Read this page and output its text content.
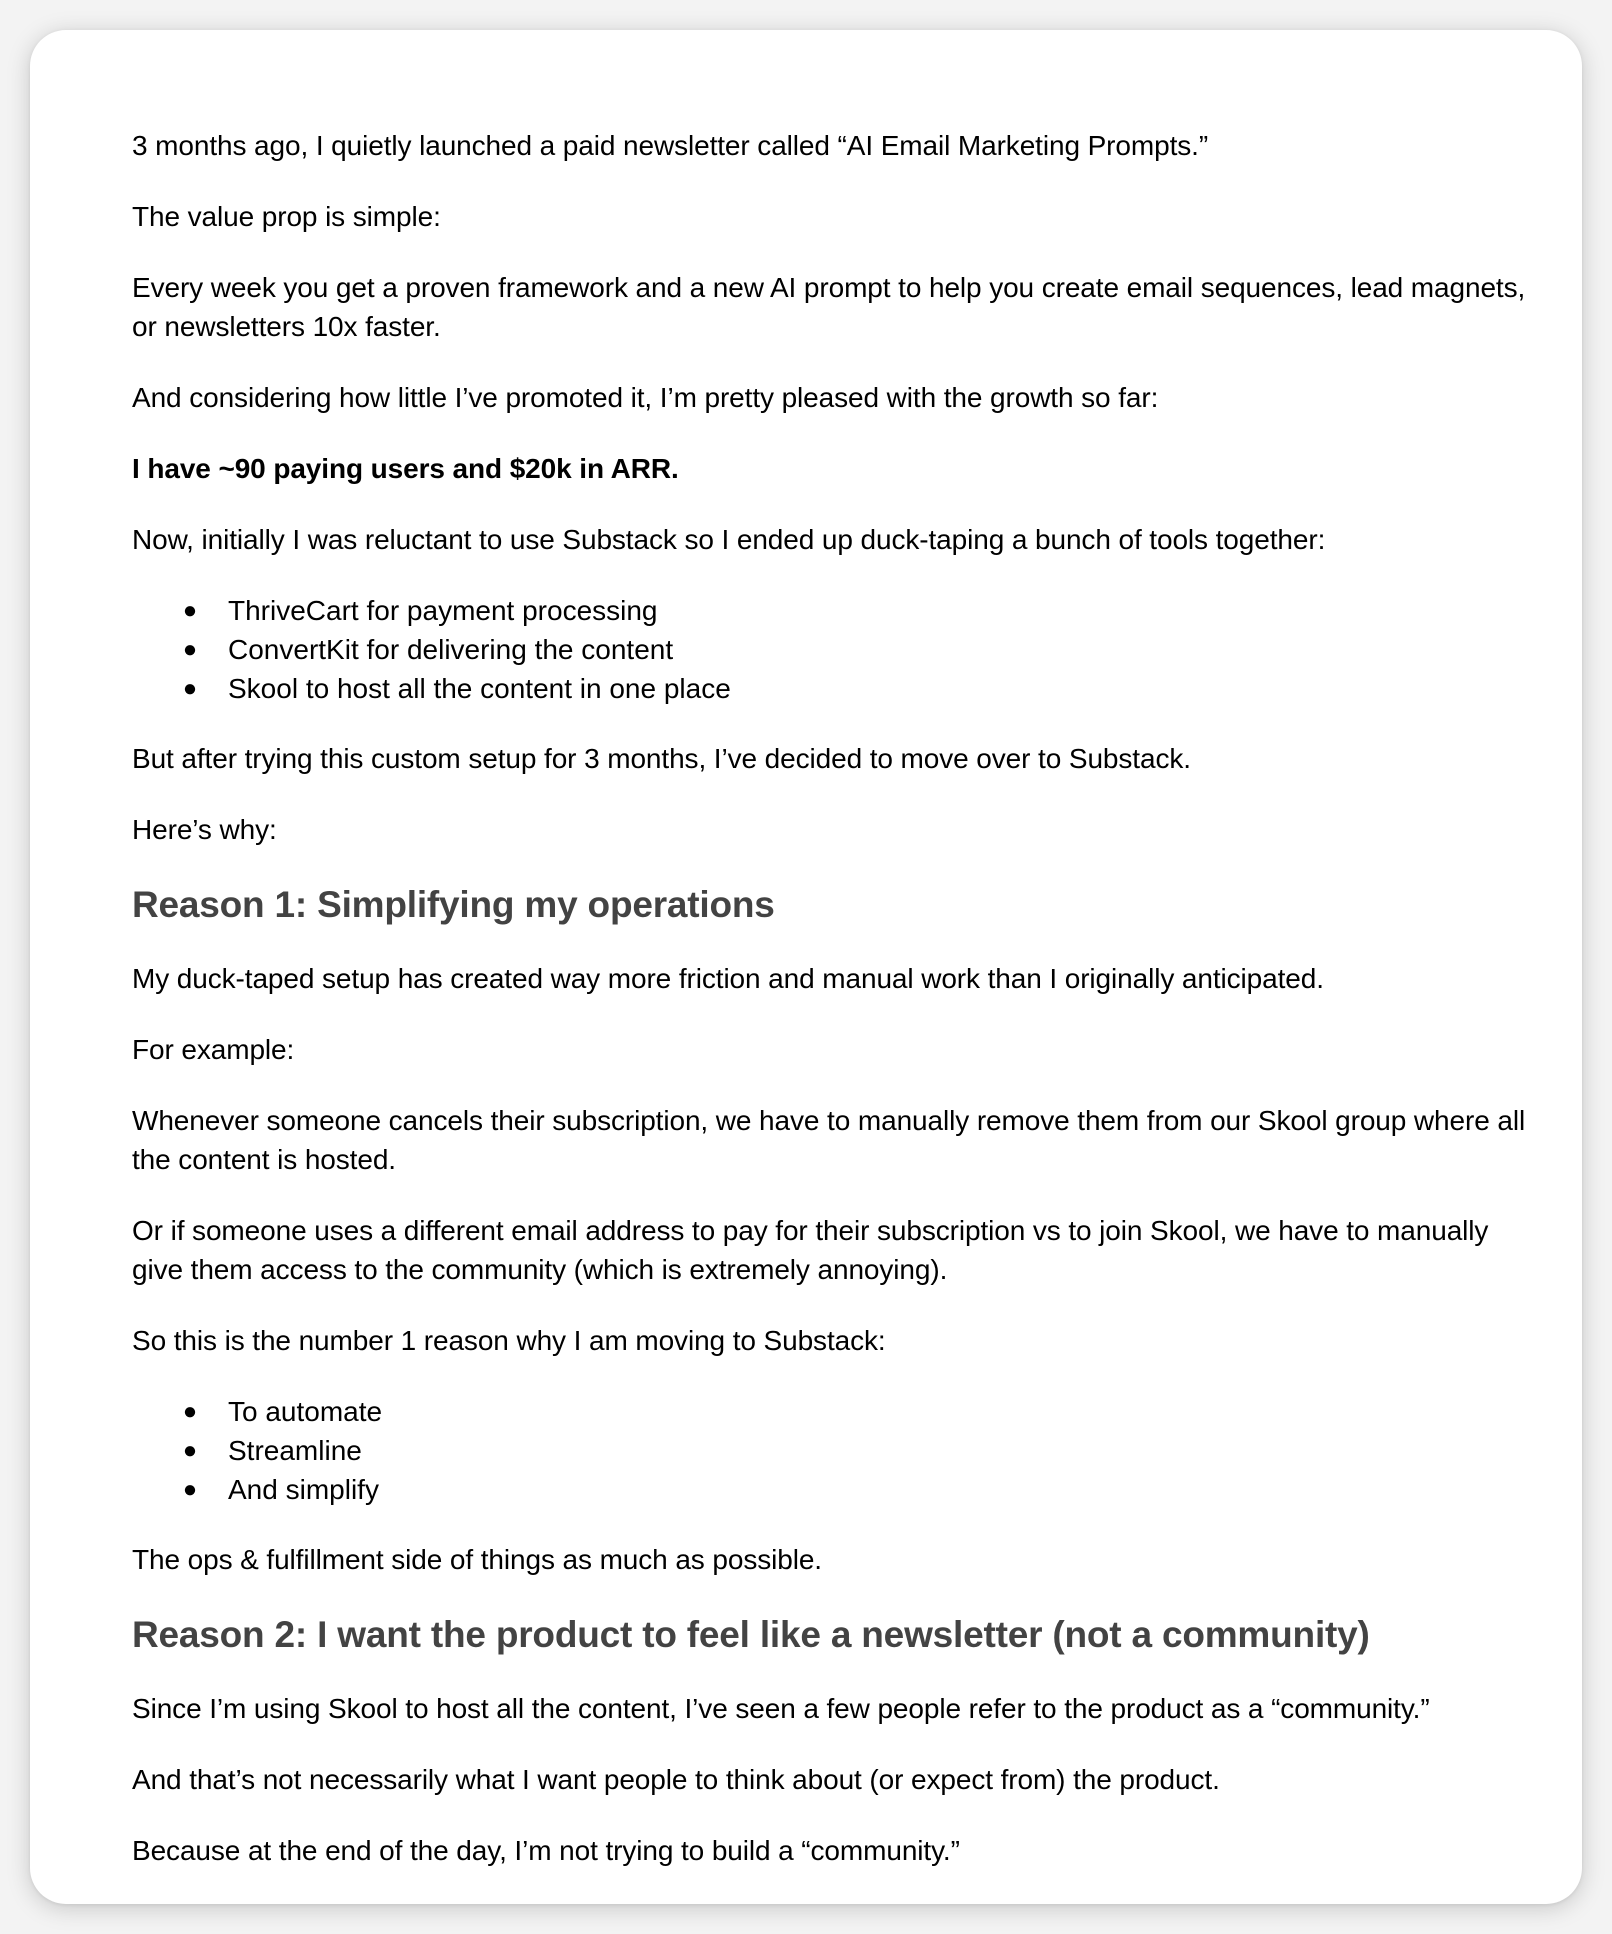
3 months ago, I quietly launched a paid newsletter called “AI Email Marketing Prompts.”

The value prop is simple:

Every week you get a proven framework and a new AI prompt to help you create email sequences, lead magnets, or newsletters 10x faster.

And considering how little I’ve promoted it, I’m pretty pleased with the growth so far:

I have ~90 paying users and $20k in ARR.

Now, initially I was reluctant to use Substack so I ended up duck-taping a bunch of tools together:

● ThriveCart for payment processing
● ConvertKit for delivering the content
● Skool to host all the content in one place

But after trying this custom setup for 3 months, I’ve decided to move over to Substack.

Here’s why:

Reason 1: Simplifying my operations

My duck-taped setup has created way more friction and manual work than I originally anticipated.

For example:

Whenever someone cancels their subscription, we have to manually remove them from our Skool group where all the content is hosted.

Or if someone uses a different email address to pay for their subscription vs to join Skool, we have to manually give them access to the community (which is extremely annoying).

So this is the number 1 reason why I am moving to Substack:

● To automate
● Streamline
● And simplify

The ops & fulfillment side of things as much as possible.

Reason 2: I want the product to feel like a newsletter (not a community)

Since I’m using Skool to host all the content, I’ve seen a few people refer to the product as a “community.”

And that’s not necessarily what I want people to think about (or expect from) the product.

Because at the end of the day, I’m not trying to build a “community.”
